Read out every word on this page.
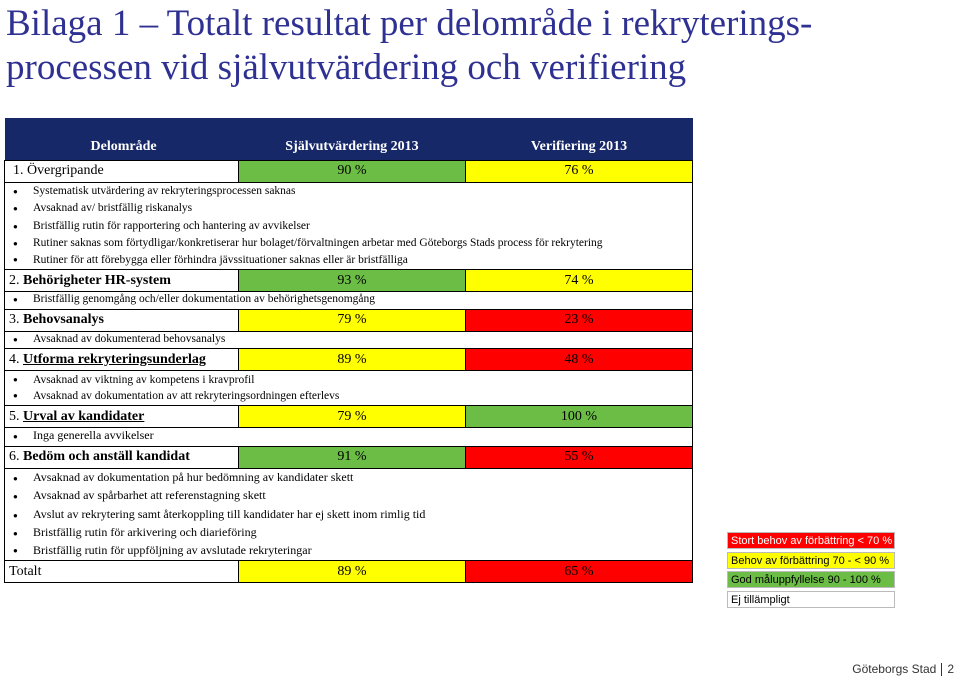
Bilaga 1 – Totalt resultat per delområde i rekryterings-
processen vid självutvärdering och verifiering
Delområde	Självutvärdering 2013	Verifiering 2013
1. Övergripande	90 %	76 %
● Systematisk utvärdering av rekryteringsprocessen saknas		
● Avsaknad av/ bristfällig riskanalys		
● Bristfällig rutin för rapportering och hantering av avvikelser		
● Rutiner saknas som förtydligar/konkretiserar hur bolaget/förvaltningen arbetar med Göteborgs Stads process för rekrytering		
● Rutiner för att förebygga eller förhindra jävssituationer saknas eller är bristfälliga		
2. Behörigheter HR-system	93 %	74 %
● Bristfällig genomgång och/eller dokumentation av behörighetsgenomgång		
3. Behovsanalys	79 %	23 %
● Avsaknad av dokumenterad behovsanalys		
4. Utforma rekryteringsunderlag	89 %	48 %
● Avsaknad av viktning av kompetens i kravprofil		
● Avsaknad av dokumentation av att rekryteringsordningen efterlevs		
5. Urval av kandidater	79 %	100 %
● Inga generella avvikelser		
6. Bedöm och anställ kandidat	91 %	55 %
● Avsaknad av dokumentation på hur bedömning av kandidater skett		
● Avsaknad av spårbarhet att referenstagning skett		
● Avslut av rekrytering samt återkoppling till kandidater har ej skett inom rimlig tid		
● Bristfällig rutin för arkivering och diarieföring		
● Bristfällig rutin för uppföljning av avslutade rekryteringar		
Totalt	89 %	65 %
Stort behov av förbättring < 70 %
Behov av förbättring 70 - < 90 %
God måluppfyllelse 90 - 100 %
Ej tillämpligt
Göteborgs Stad 2
